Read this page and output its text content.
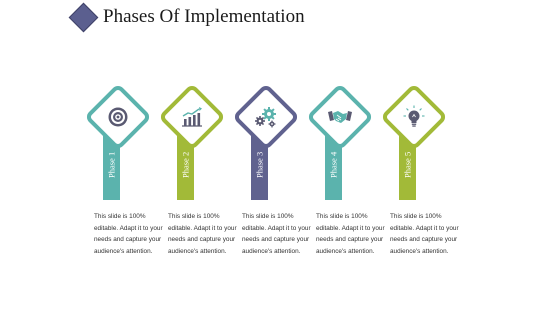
Phases Of Implementation
Phase 1
This slide is 100% editable. Adapt it to your needs and capture your audience's attention.
Phase 2
This slide is 100% editable. Adapt it to your needs and capture your audience's attention.
Phase 3
This slide is 100% editable. Adapt it to your needs and capture your audience's attention.
Phase 4
This slide is 100% editable. Adapt it to your needs and capture your audience's attention.
Phase 5
This slide is 100% editable. Adapt it to your needs and capture your audience's attention.
